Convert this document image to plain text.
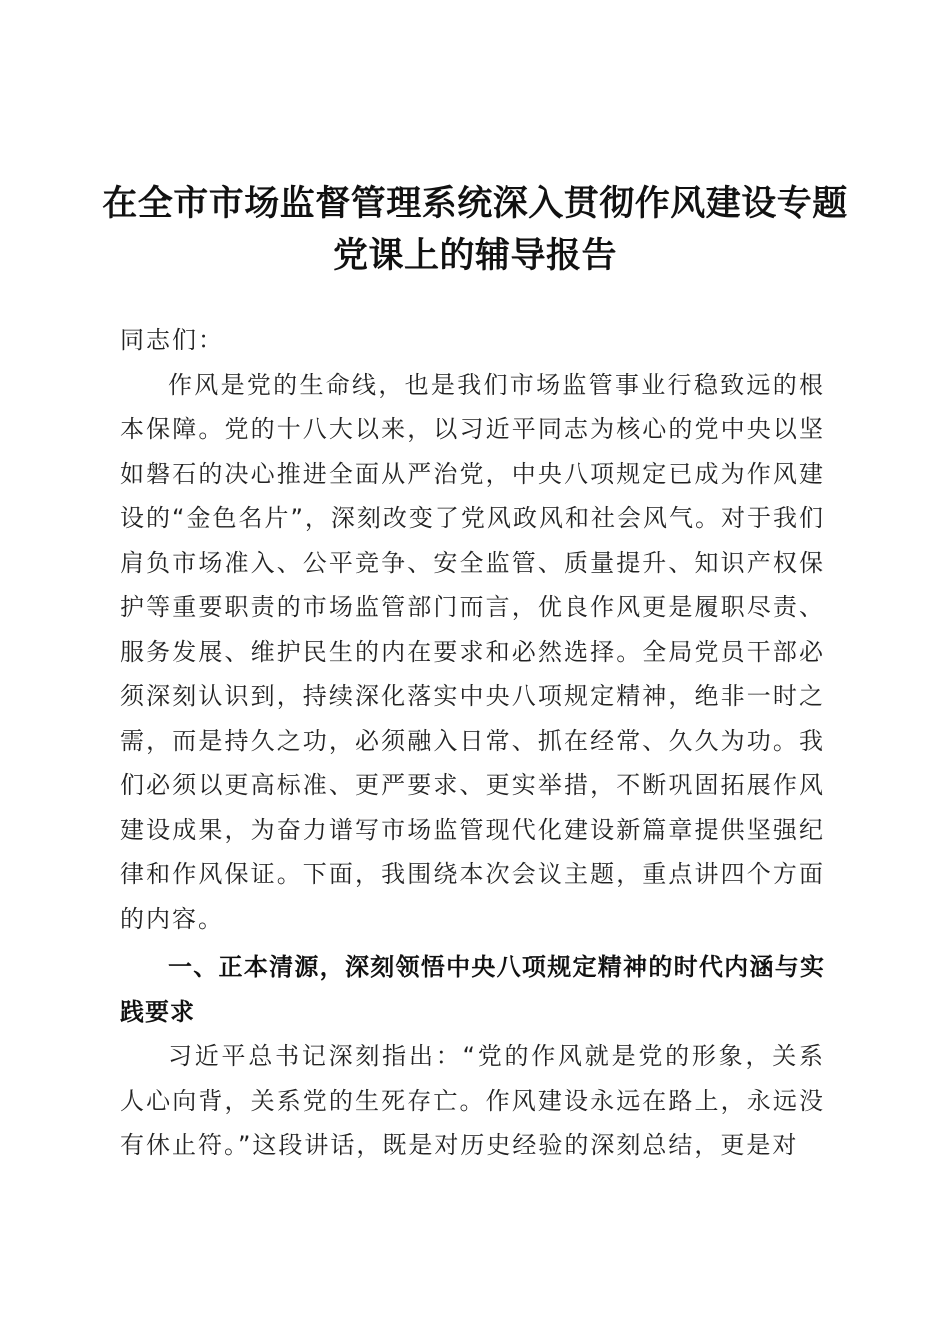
在全市市场监督管理系统深入贯彻作风建设专题党课上的辅导报告

同志们：

作风是党的生命线，也是我们市场监管事业行稳致远的根本保障。党的十八大以来，以习近平同志为核心的党中央以坚如磐石的决心推进全面从严治党，中央八项规定已成为作风建设的“金色名片”，深刻改变了党风政风和社会风气。对于我们肩负市场准入、公平竞争、安全监管、质量提升、知识产权保护等重要职责的市场监管部门而言，优良作风更是履职尽责、服务发展、维护民生的内在要求和必然选择。全局党员干部必须深刻认识到，持续深化落实中央八项规定精神，绝非一时之需，而是持久之功，必须融入日常、抓在经常、久久为功。我们必须以更高标准、更严要求、更实举措，不断巩固拓展作风建设成果，为奋力谱写市场监管现代化建设新篇章提供坚强纪律和作风保证。下面，我围绕本次会议主题，重点讲四个方面的内容。

一、正本清源，深刻领悟中央八项规定精神的时代内涵与实践要求

习近平总书记深刻指出：“党的作风就是党的形象，关系人心向背，关系党的生死存亡。作风建设永远在路上，永远没有休止符。”这段讲话，既是对历史经验的深刻总结，更是对
